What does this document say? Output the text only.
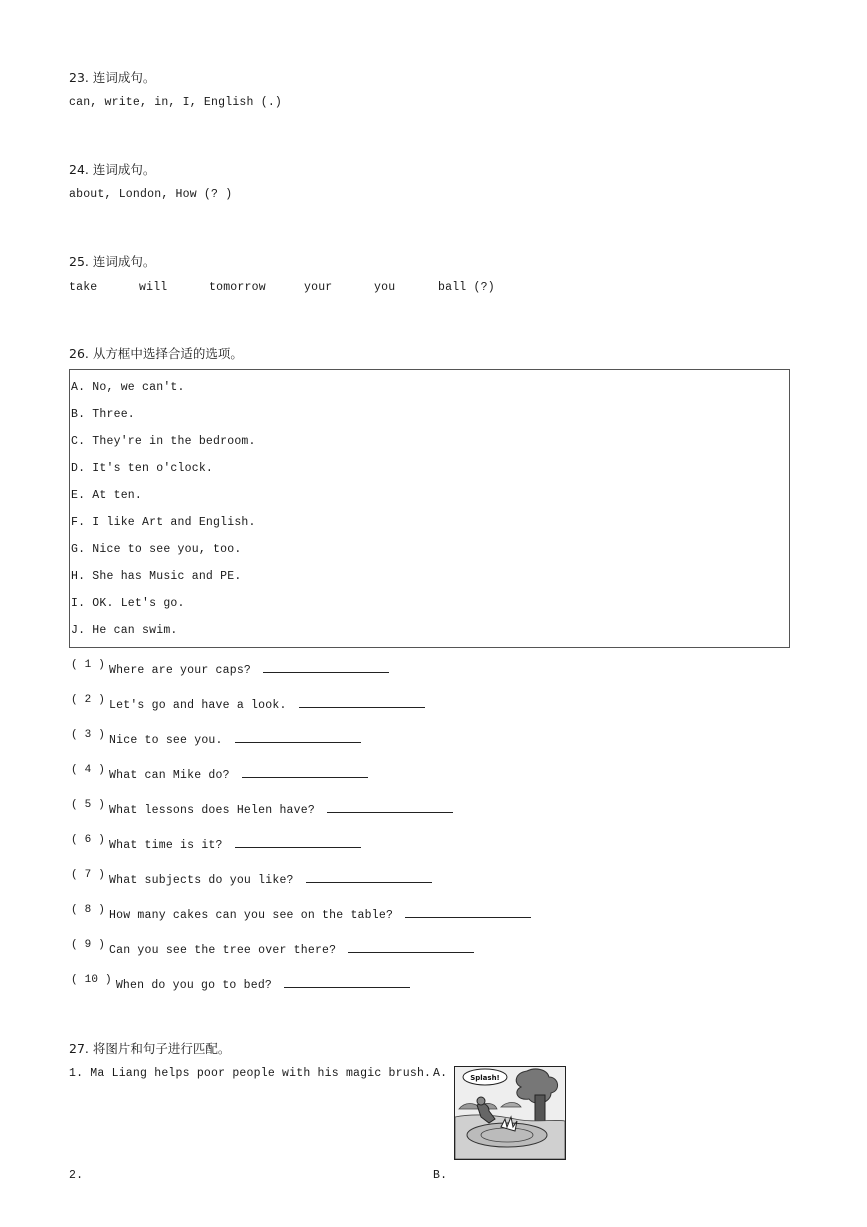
23. 连词成句。
can, write, in, I, English (.)
24. 连词成句。
about, London, How (? )
25. 连词成句。
take	will	tomorrow	your	you	ball (?)
26. 从方框中选择合适的选项。
A. No, we can't.
B. Three.
C. They're in the bedroom.
D. It's ten o'clock.
E. At ten.
F. I like Art and English.
G. Nice to see you, too.
H. She has Music and PE.
I. OK. Let's go.
J. He can swim.
( 1 ) Where are your caps?
( 2 ) Let's go and have a look.
( 3 ) Nice to see you.
( 4 ) What can Mike do?
( 5 ) What lessons does Helen have?
( 6 ) What time is it?
( 7 ) What subjects do you like?
( 8 ) How many cakes can you see on the table?
( 9 ) Can you see the tree over there?
( 10 ) When do you go to bed?
27. 将图片和句子进行匹配。
1. Ma Liang helps poor people with his magic brush. A.	Splash!
2.	B.
